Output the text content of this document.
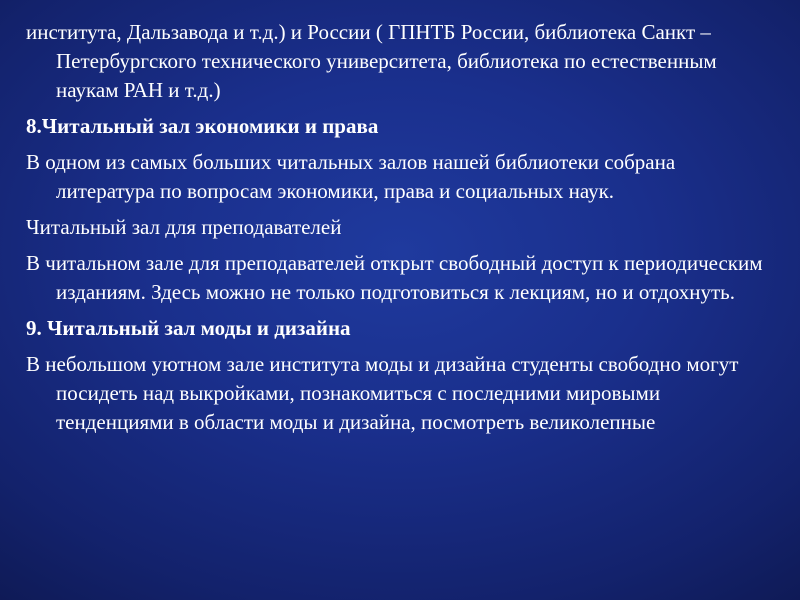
института, Дальзавода и т.д.) и России ( ГПНТБ России, библиотека Санкт – Петербургского технического университета, библиотека по естественным наукам РАН и т.д.)

8.Читальный зал экономики и права

В одном из самых больших читальных залов нашей библиотеки собрана литература по вопросам экономики, права и социальных наук.

Читальный зал для преподавателей

В читальном зале для преподавателей открыт свободный доступ к периодическим изданиям. Здесь можно не только подготовиться к лекциям, но и отдохнуть.

9. Читальный зал моды и дизайна

В небольшом уютном зале института моды и дизайна студенты свободно могут посидеть над выкройками, познакомиться с последними мировыми тенденциями в области моды и дизайна, посмотреть великолепные
